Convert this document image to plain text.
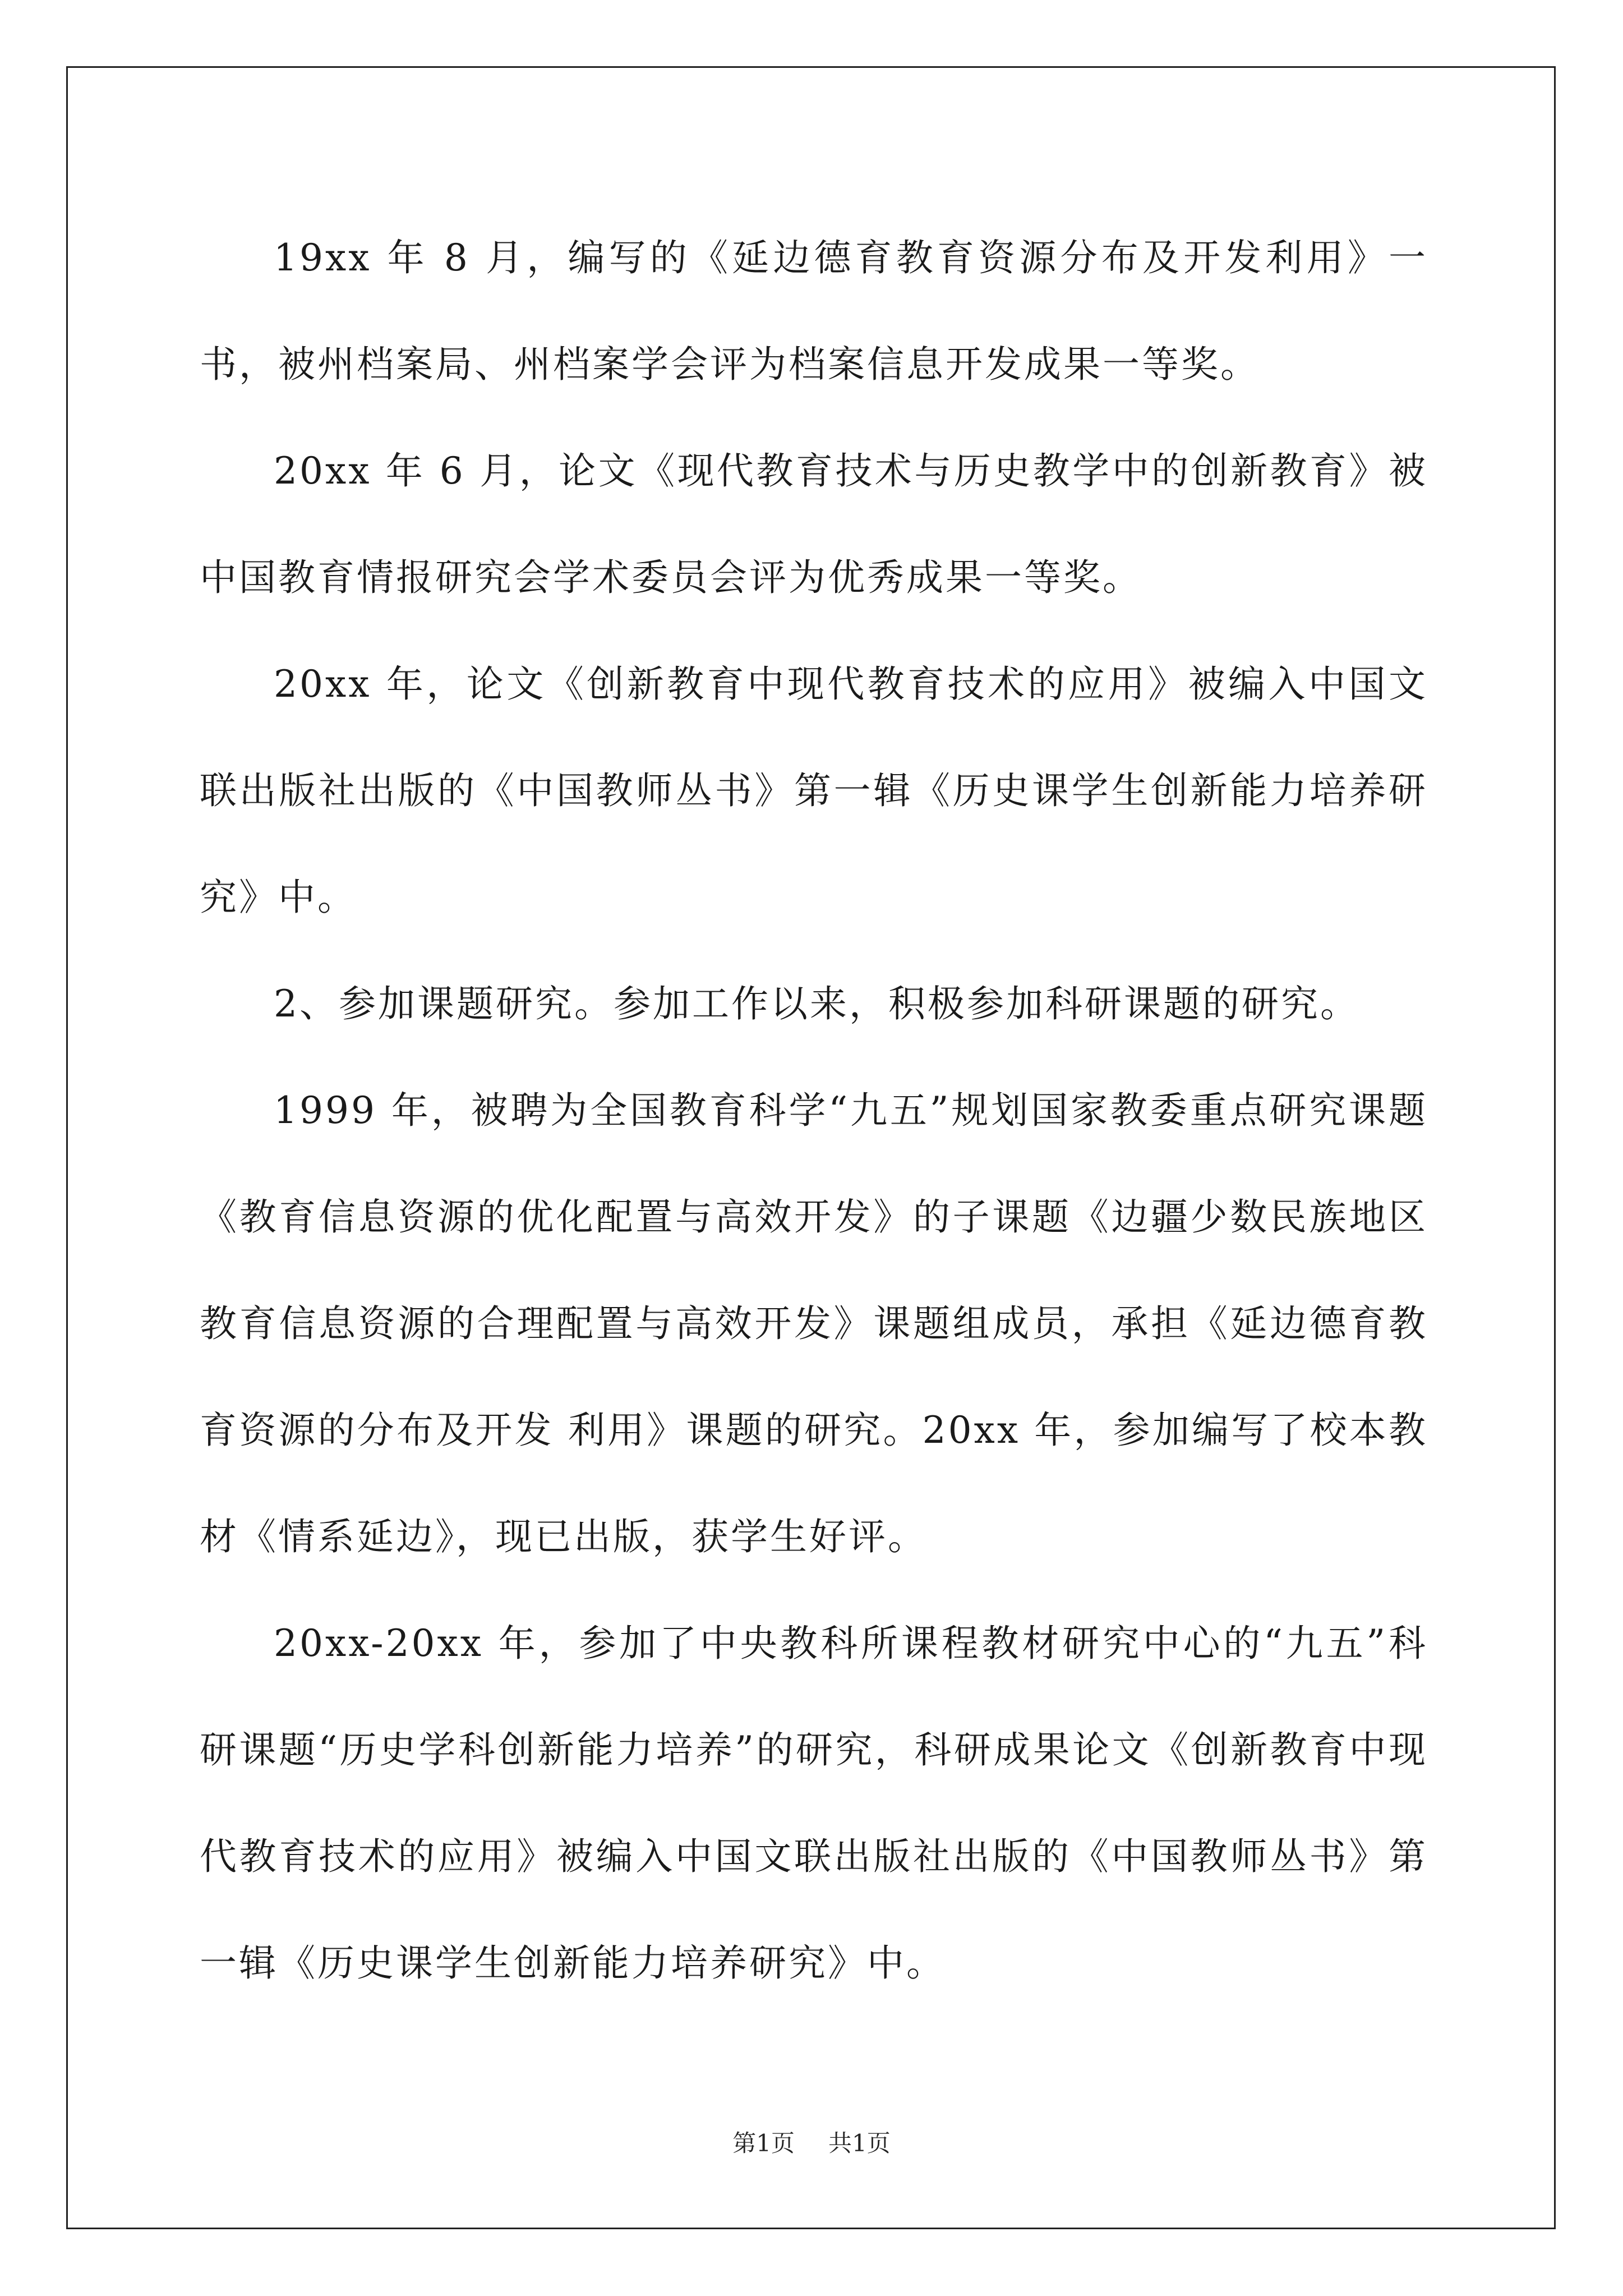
19xx 年 8 月，编写的《延边德育教育资源分布及开发利用》一书，被州档案局、州档案学会评为档案信息开发成果一等奖。

20xx 年 6 月，论文《现代教育技术与历史教学中的创新教育》被中国教育情报研究会学术委员会评为优秀成果一等奖。

20xx 年，论文《创新教育中现代教育技术的应用》被编入中国文联出版社出版的《中国教师丛书》第一辑《历史课学生创新能力培养研究》中。

2、参加课题研究。参加工作以来，积极参加科研课题的研究。

1999 年，被聘为全国教育科学“九五”规划国家教委重点研究课题《教育信息资源的优化配置与高效开发》的子课题《边疆少数民族地区教育信息资源的合理配置与高效开发》课题组成员，承担《延边德育教育资源的分布及开发 利用》课题的研究。20xx 年，参加编写了校本教材《情系延边》，现已出版，获学生好评。

20xx-20xx 年，参加了中央教科所课程教材研究中心的“九五”科研课题“历史学科创新能力培养”的研究，科研成果论文《创新教育中现代教育技术的应用》被编入中国文联出版社出版的《中国教师丛书》第一辑《历史课学生创新能力培养研究》中。

第1页 共1页
